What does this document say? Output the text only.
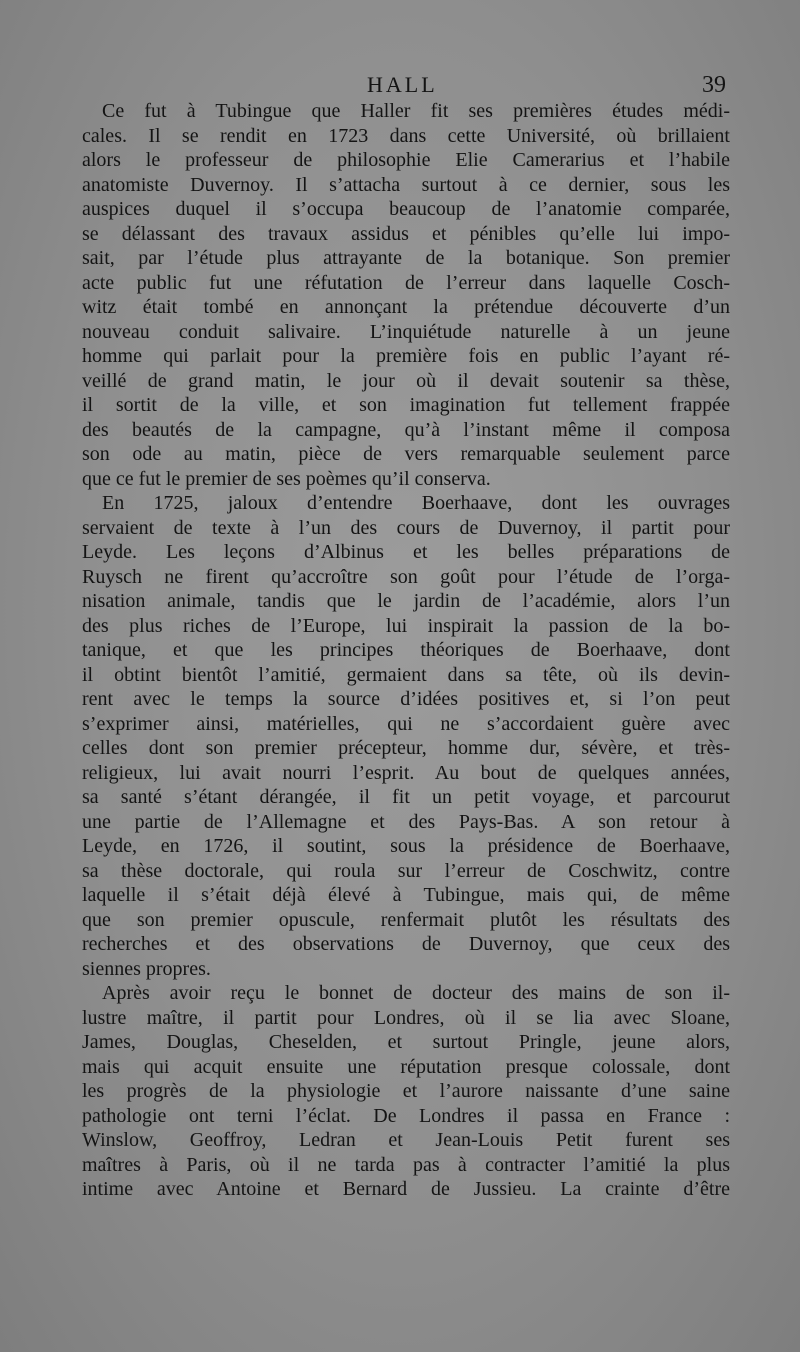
HALL	39
Ce fut à Tubingue que Haller fit ses premières études médi-
cales. Il se rendit en 1723 dans cette Université, où brillaient
alors le professeur de philosophie Elie Camerarius et l’habile
anatomiste Duvernoy. Il s’attacha surtout à ce dernier, sous les
auspices duquel il s’occupa beaucoup de l’anatomie comparée,
se délassant des travaux assidus et pénibles qu’elle lui impo-
sait, par l’étude plus attrayante de la botanique. Son premier
acte public fut une réfutation de l’erreur dans laquelle Cosch-
witz était tombé en annonçant la prétendue découverte d’un
nouveau conduit salivaire. L’inquiétude naturelle à un jeune
homme qui parlait pour la première fois en public l’ayant ré-
veillé de grand matin, le jour où il devait soutenir sa thèse,
il sortit de la ville, et son imagination fut tellement frappée
des beautés de la campagne, qu’à l’instant même il composa
son ode au matin, pièce de vers remarquable seulement parce
que ce fut le premier de ses poèmes qu’il conserva.
En 1725, jaloux d’entendre Boerhaave, dont les ouvrages
servaient de texte à l’un des cours de Duvernoy, il partit pour
Leyde. Les leçons d’Albinus et les belles préparations de
Ruysch ne firent qu’accroître son goût pour l’étude de l’orga-
nisation animale, tandis que le jardin de l’académie, alors l’un
des plus riches de l’Europe, lui inspirait la passion de la bo-
tanique, et que les principes théoriques de Boerhaave, dont
il obtint bientôt l’amitié, germaient dans sa tête, où ils devin-
rent avec le temps la source d’idées positives et, si l’on peut
s’exprimer ainsi, matérielles, qui ne s’accordaient guère avec
celles dont son premier précepteur, homme dur, sévère, et très-
religieux, lui avait nourri l’esprit. Au bout de quelques années,
sa santé s’étant dérangée, il fit un petit voyage, et parcourut
une partie de l’Allemagne et des Pays-Bas. A son retour à
Leyde, en 1726, il soutint, sous la présidence de Boerhaave,
sa thèse doctorale, qui roula sur l’erreur de Coschwitz, contre
laquelle il s’était déjà élevé à Tubingue, mais qui, de même
que son premier opuscule, renfermait plutôt les résultats des
recherches et des observations de Duvernoy, que ceux des
siennes propres.
Après avoir reçu le bonnet de docteur des mains de son il-
lustre maître, il partit pour Londres, où il se lia avec Sloane,
James, Douglas, Cheselden, et surtout Pringle, jeune alors,
mais qui acquit ensuite une réputation presque colossale, dont
les progrès de la physiologie et l’aurore naissante d’une saine
pathologie ont terni l’éclat. De Londres il passa en France :
Winslow, Geoffroy, Ledran et Jean-Louis Petit furent ses
maîtres à Paris, où il ne tarda pas à contracter l’amitié la plus
intime avec Antoine et Bernard de Jussieu. La crainte d’être
